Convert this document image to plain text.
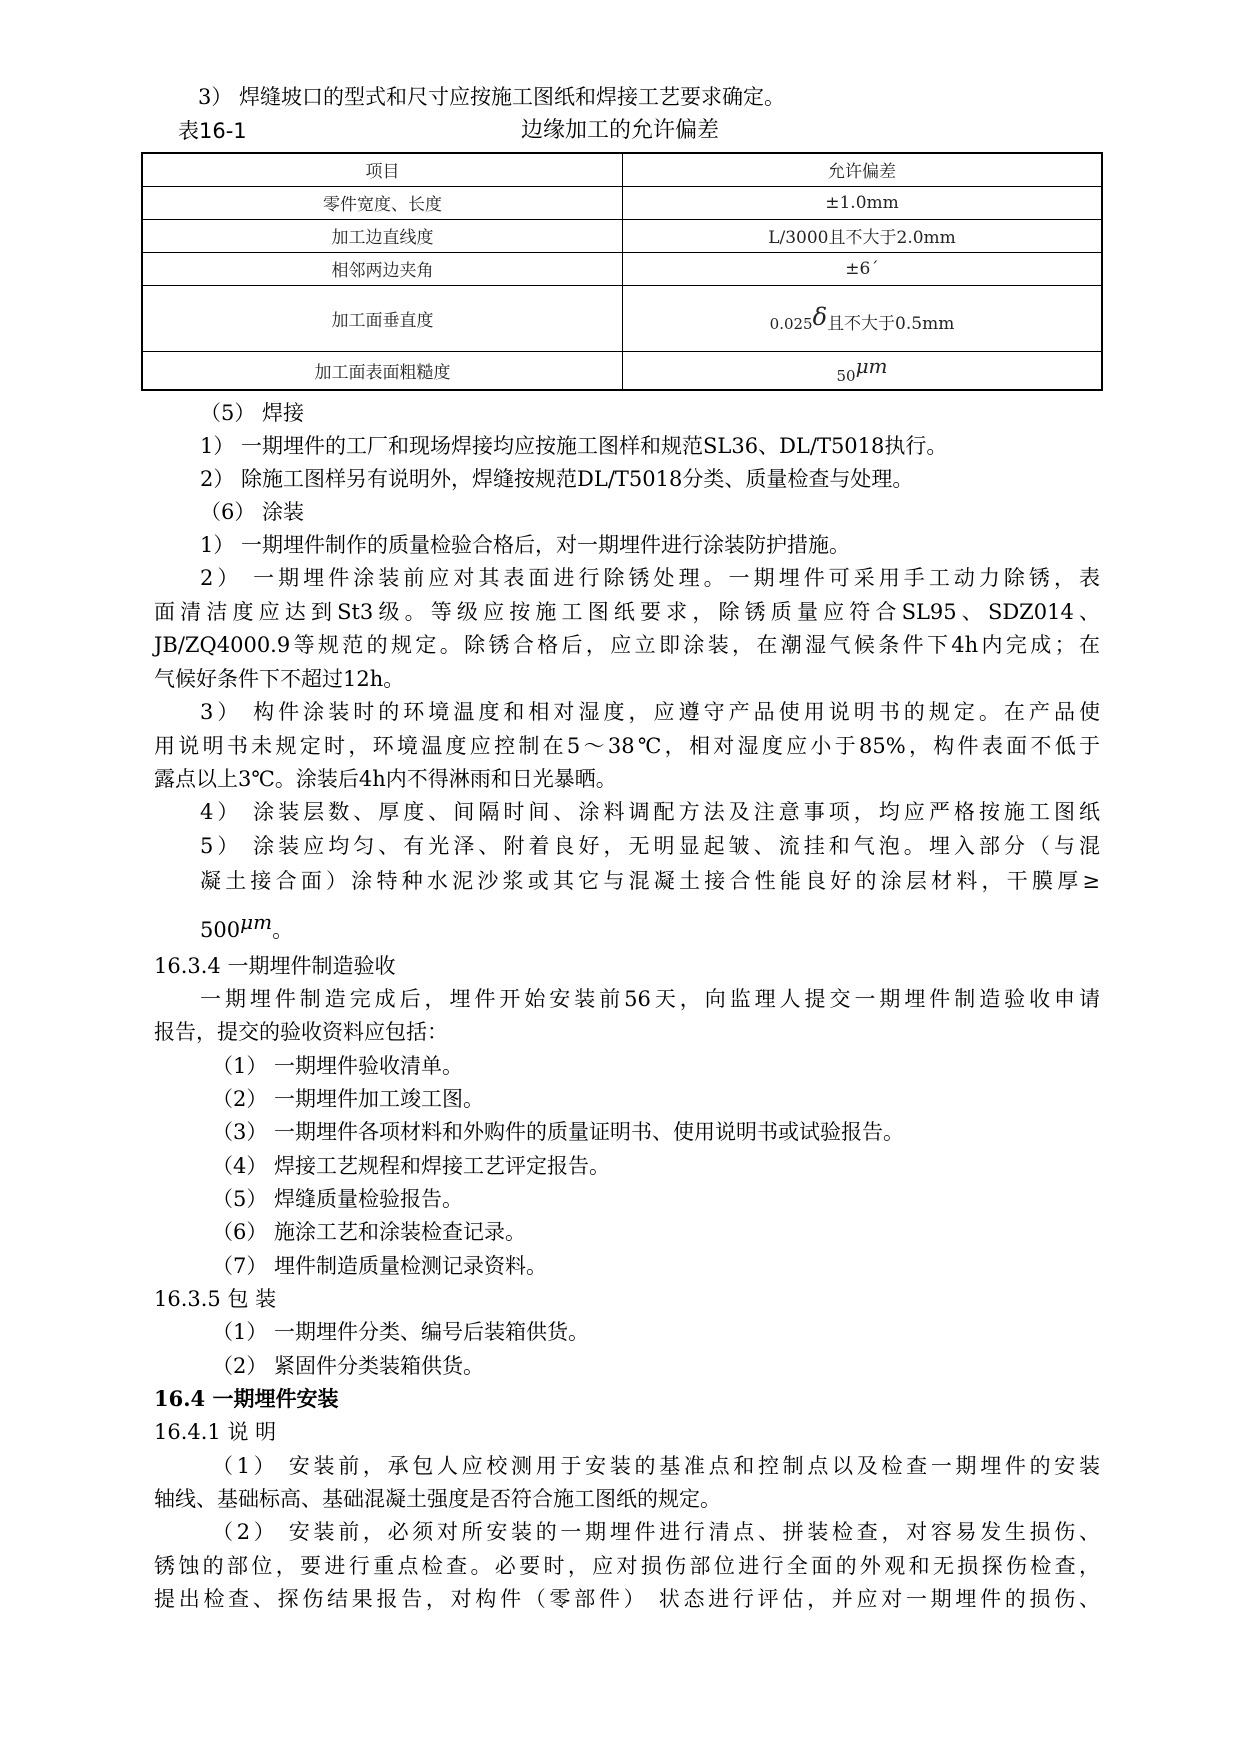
3） 焊缝坡口的型式和尺寸应按施工图纸和焊接工艺要求确定。

表16-1	边缘加工的允许偏差
项目	允许偏差
零件宽度、长度	±1.0mm
加工边直线度	L/3000且不大于2.0mm
相邻两边夹角	±6´
加工面垂直度	0.025δ且不大于0.5mm
加工面表面粗糙度	50μm

（5） 焊接

1） 一期埋件的工厂和现场焊接均应按施工图样和规范SL36、DL/T5018执行。

2） 除施工图样另有说明外，焊缝按规范DL/T5018分类、质量检查与处理。

（6） 涂装

1） 一期埋件制作的质量检验合格后，对一期埋件进行涂装防护措施。

2） 一期埋件涂装前应对其表面进行除锈处理。一期埋件可采用手工动力除锈，表

面清洁度应达到St3级。等级应按施工图纸要求，除锈质量应符合SL95、SDZ014、

JB/ZQ4000.9等规范的规定。除锈合格后，应立即涂装，在潮湿气候条件下4h内完成；在

气候好条件下不超过12h。

3） 构件涂装时的环境温度和相对湿度，应遵守产品使用说明书的规定。在产品使

用说明书未规定时，环境温度应控制在5～38℃，相对湿度应小于85%，构件表面不低于

露点以上3℃。涂装后4h内不得淋雨和日光暴晒。

4） 涂装层数、厚度、间隔时间、涂料调配方法及注意事项，均应严格按施工图纸

5） 涂装应均匀、有光泽、附着良好，无明显起皱、流挂和气泡。埋入部分（与混

凝土接合面）涂特种水泥沙浆或其它与混凝土接合性能良好的涂层材料，干膜厚≥

500μm。

16.3.4 一期埋件制造验收

一期埋件制造完成后，埋件开始安装前56天，向监理人提交一期埋件制造验收申请

报告，提交的验收资料应包括：

（1） 一期埋件验收清单。

（2） 一期埋件加工竣工图。

（3） 一期埋件各项材料和外购件的质量证明书、使用说明书或试验报告。

（4） 焊接工艺规程和焊接工艺评定报告。

（5） 焊缝质量检验报告。

（6） 施涂工艺和涂装检查记录。

（7） 埋件制造质量检测记录资料。

16.3.5 包 装

（1） 一期埋件分类、编号后装箱供货。

（2） 紧固件分类装箱供货。

16.4 一期埋件安装

16.4.1 说 明

（1） 安装前，承包人应校测用于安装的基准点和控制点以及检查一期埋件的安装

轴线、基础标高、基础混凝土强度是否符合施工图纸的规定。

（2） 安装前，必须对所安装的一期埋件进行清点、拼装检查，对容易发生损伤、

锈蚀的部位，要进行重点检查。必要时，应对损伤部位进行全面的外观和无损探伤检查，

提出检查、探伤结果报告，对构件（零部件） 状态进行评估，并应对一期埋件的损伤、
